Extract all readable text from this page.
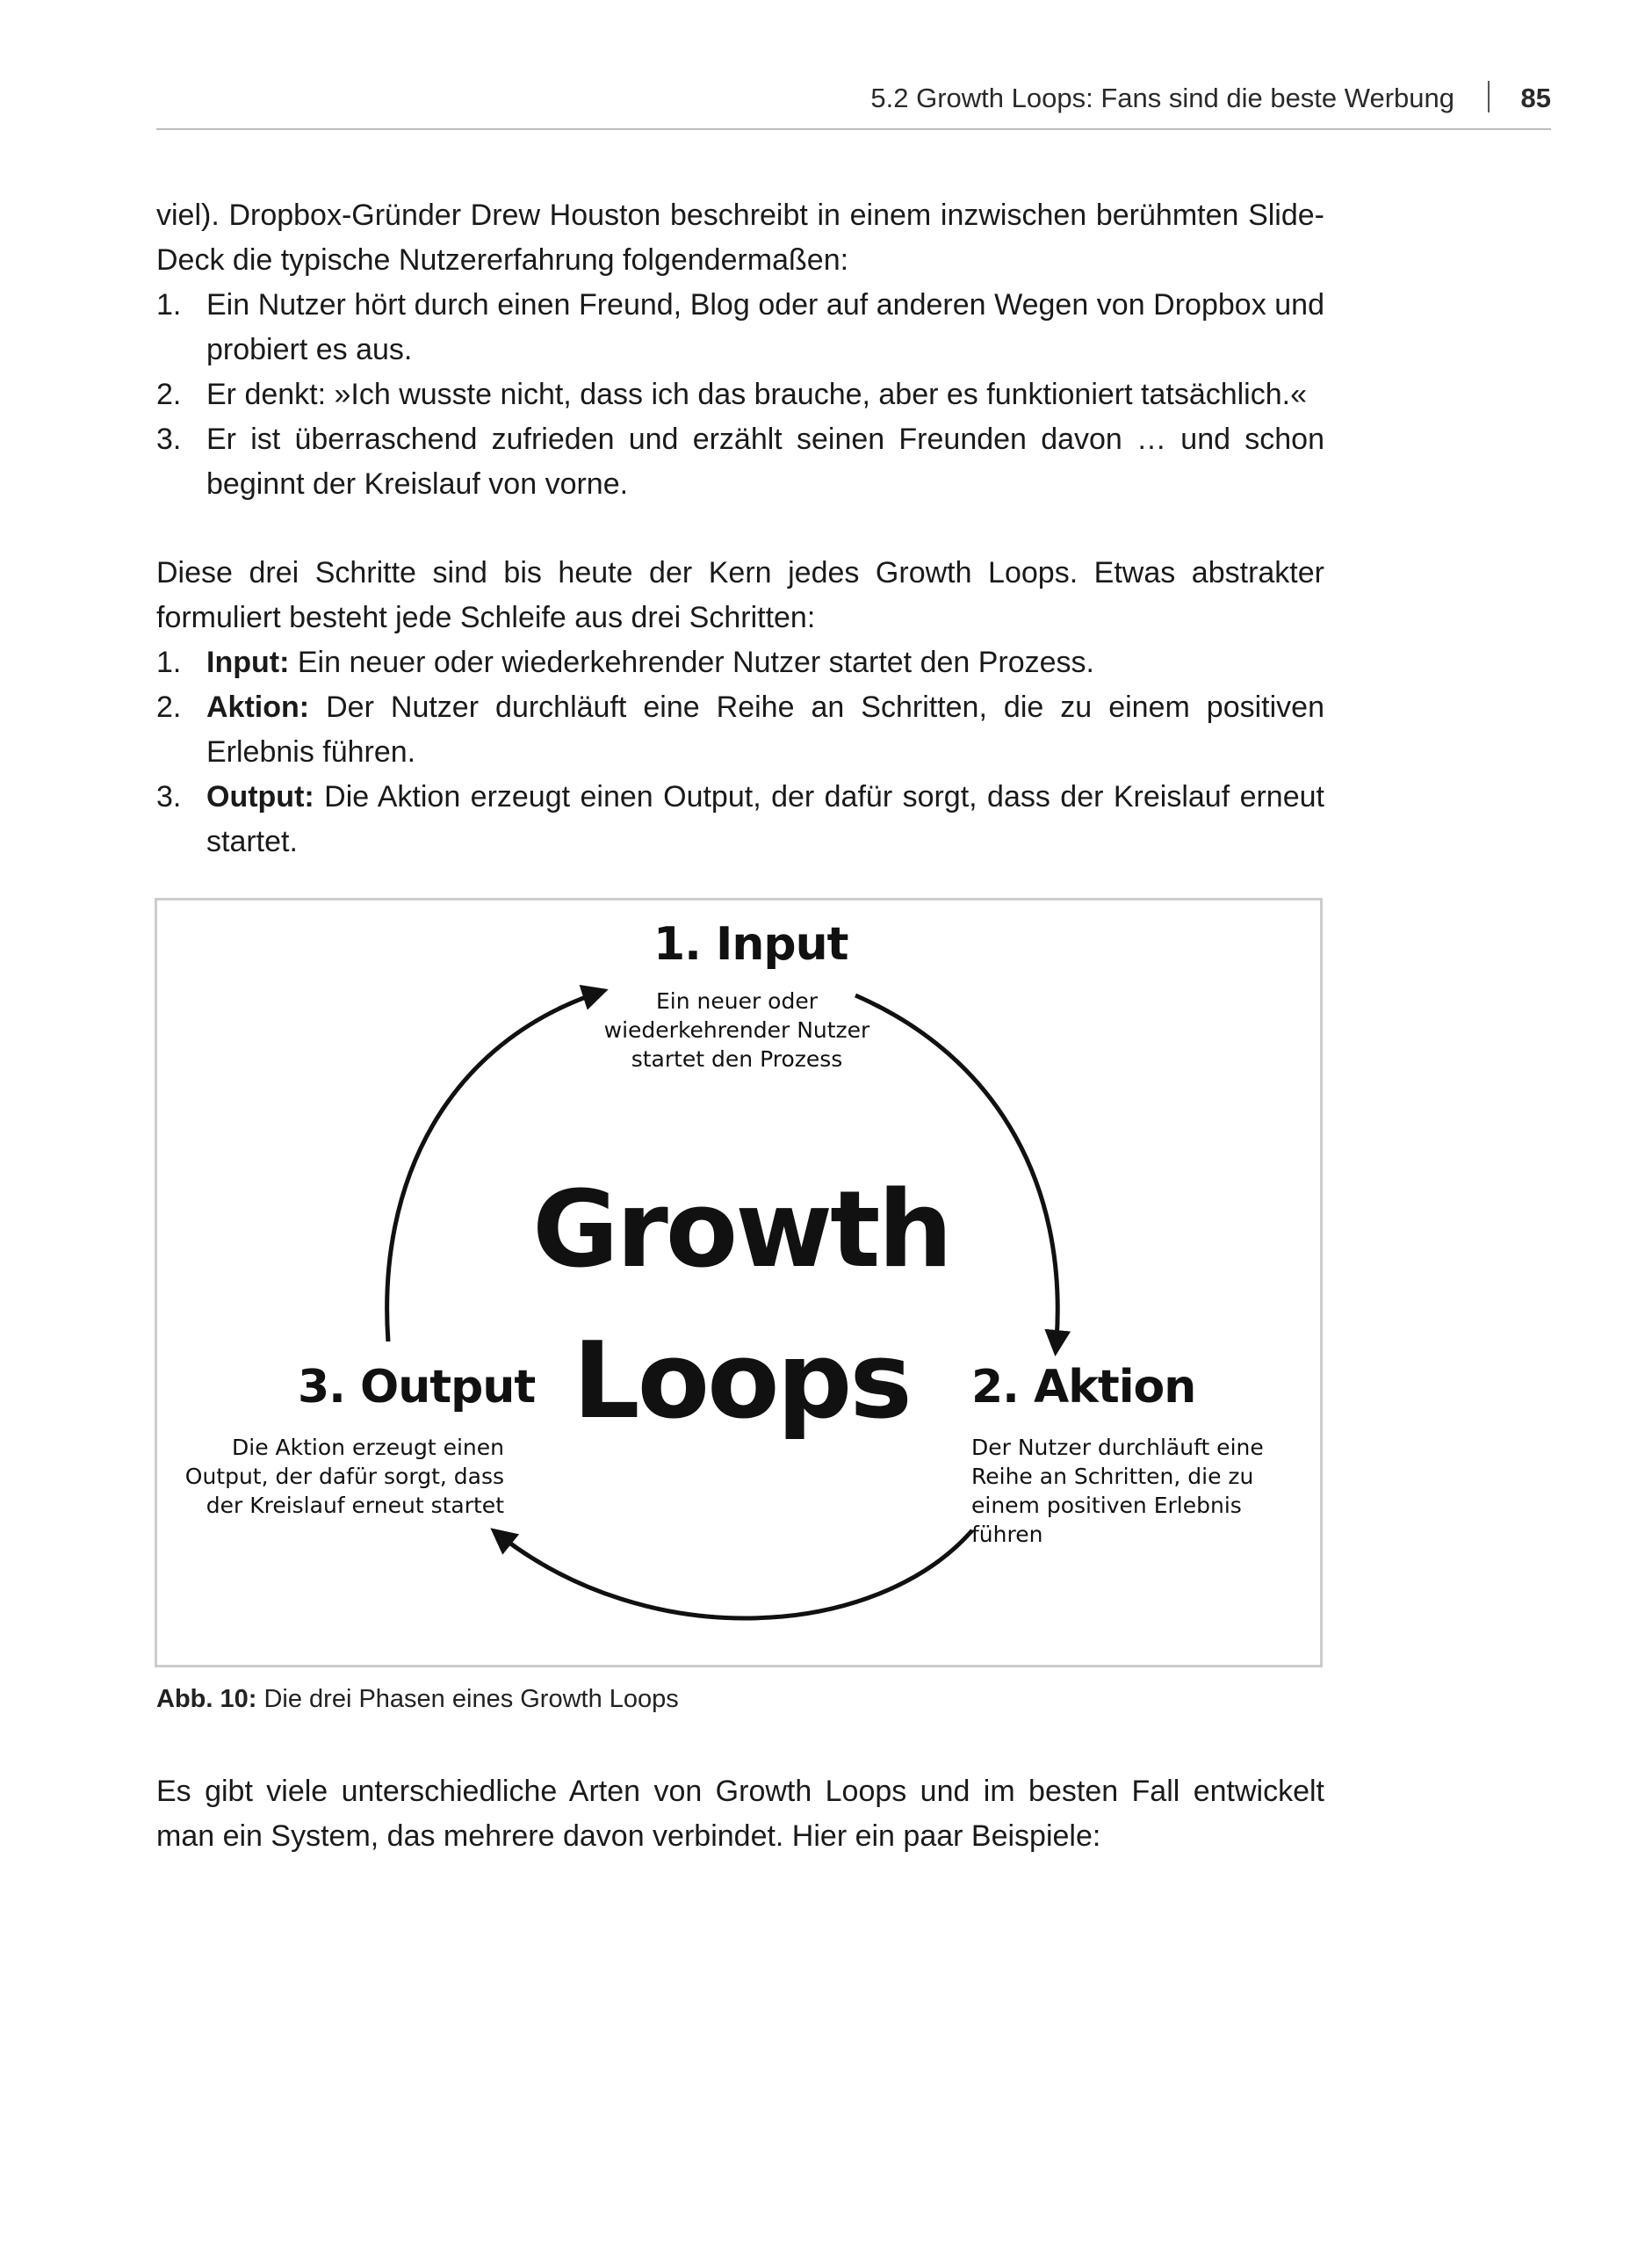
5.2 Growth Loops: Fans sind die beste Werbung 85

viel). Dropbox-Gründer Drew Houston beschreibt in einem inzwischen berühmten Slide-Deck die typische Nutzererfahrung folgendermaßen:

1. Ein Nutzer hört durch einen Freund, Blog oder auf anderen Wegen von Dropbox und probiert es aus.
2. Er denkt: »Ich wusste nicht, dass ich das brauche, aber es funktioniert tatsächlich.«
3. Er ist überraschend zufrieden und erzählt seinen Freunden davon … und schon beginnt der Kreislauf von vorne.

Diese drei Schritte sind bis heute der Kern jedes Growth Loops. Etwas abstrakter formuliert besteht jede Schleife aus drei Schritten:

1. Input: Ein neuer oder wiederkehrender Nutzer startet den Prozess.
2. Aktion: Der Nutzer durchläuft eine Reihe an Schritten, die zu einem positiven Erlebnis führen.
3. Output: Die Aktion erzeugt einen Output, der dafür sorgt, dass der Kreislauf erneut startet.
1. Input
Ein neuer oder
wiederkehrender Nutzer
startet den Prozess
Growth
Loops	2. Aktion
Der Nutzer durchläuft eine
Reihe an Schritten, die zu
einem positiven Erlebnis führen
3. Output
Die Aktion erzeugt einen
Output, der dafür sorgt, dass
der Kreislauf erneut startet
Abb. 10: Die drei Phasen eines Growth Loops

Es gibt viele unterschiedliche Arten von Growth Loops und im besten Fall entwickelt man ein System, das mehrere davon verbindet. Hier ein paar Beispiele:
